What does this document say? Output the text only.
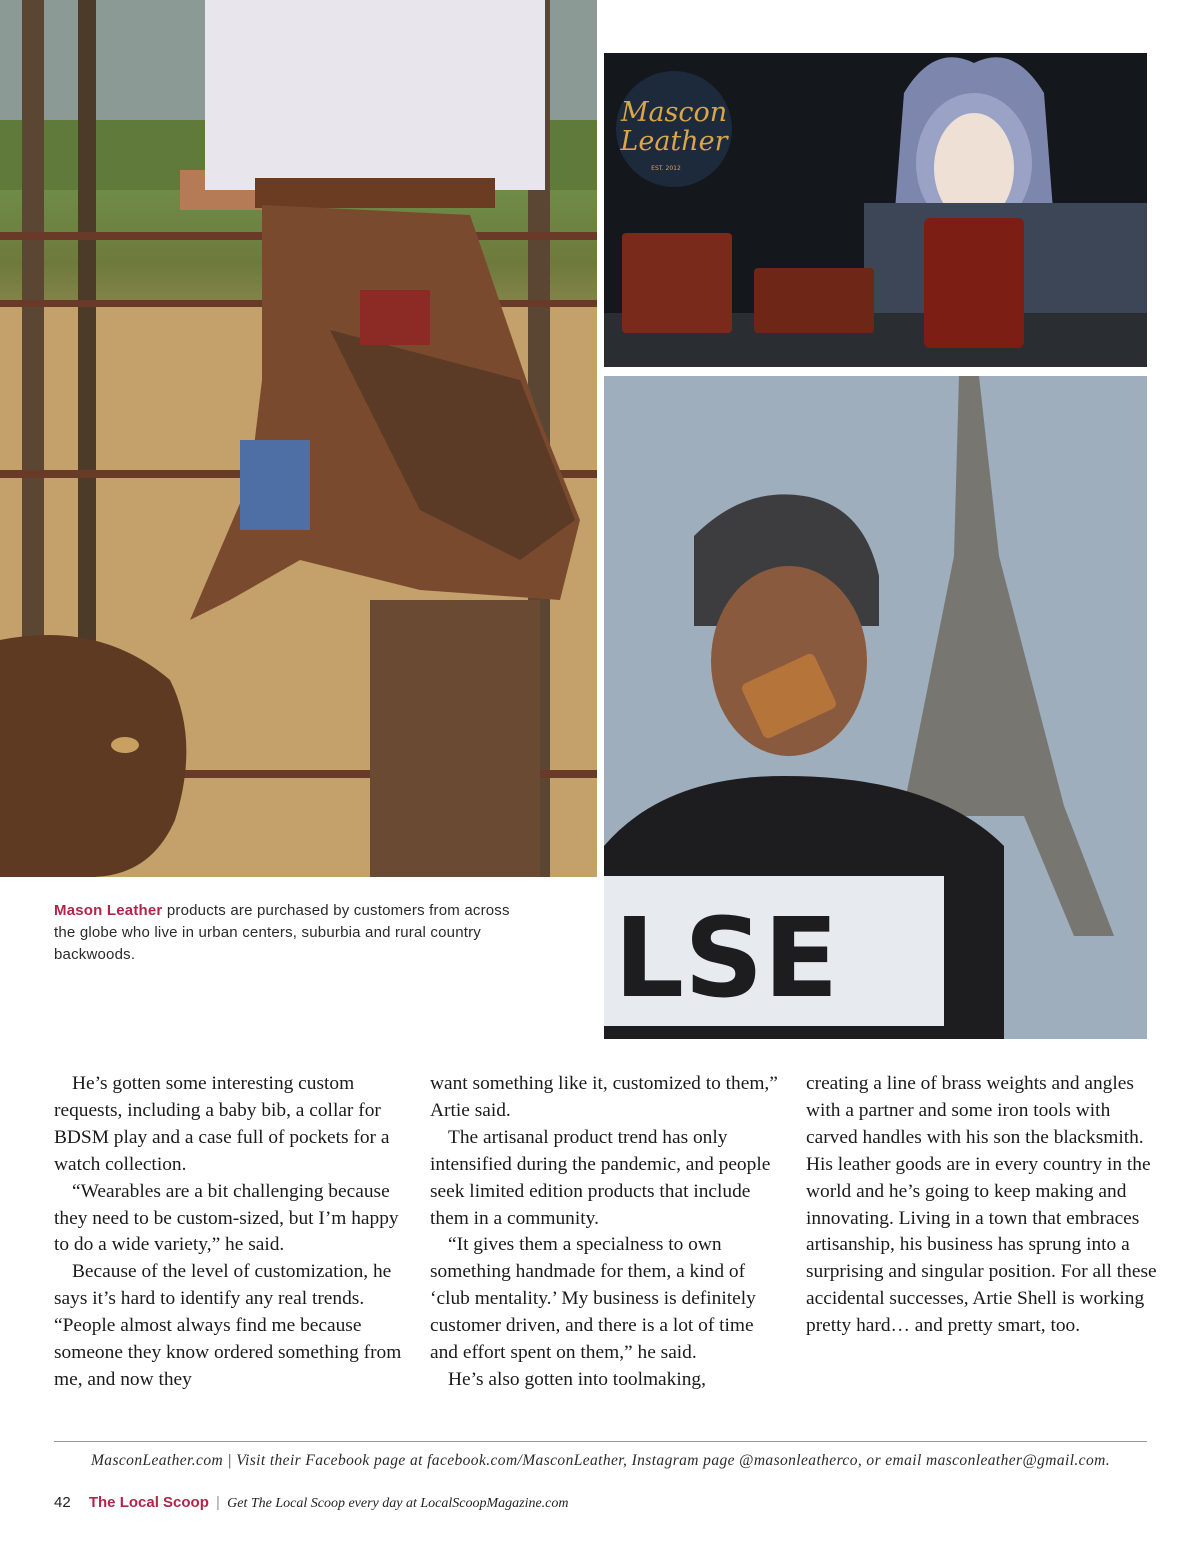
Mascon
Leather
EST. 2012
LSE
Mason Leather products are purchased by customers from across the globe who live in urban centers, suburbia and rural country backwoods.

He’s gotten some interesting custom requests, including a baby bib, a collar for BDSM play and a case full of pockets for a watch collection.

“Wearables are a bit challenging because they need to be custom-sized, but I’m happy to do a wide variety,” he said.

Because of the level of customization, he says it’s hard to identify any real trends. “People almost always find me because someone they know ordered something from me, and now they

want something like it, customized to them,” Artie said.

The artisanal product trend has only intensified during the pandemic, and people seek limited edition products that include them in a community.

“It gives them a specialness to own something handmade for them, a kind of ‘club mentality.’ My business is definitely customer driven, and there is a lot of time and effort spent on them,” he said.

He’s also gotten into toolmaking,

creating a line of brass weights and angles with a partner and some iron tools with carved handles with his son the blacksmith. His leather goods are in every country in the world and he’s going to keep making and innovating. Living in a town that embraces artisanship, his business has sprung into a surprising and singular position. For all these accidental successes, Artie Shell is working pretty hard… and pretty smart, too.

MasconLeather.com | Visit their Facebook page at facebook.com/MasconLeather, Instagram page @masonleatherco, or email masconleather@gmail.com.
42 The Local Scoop | Get The Local Scoop every day at LocalScoopMagazine.com
